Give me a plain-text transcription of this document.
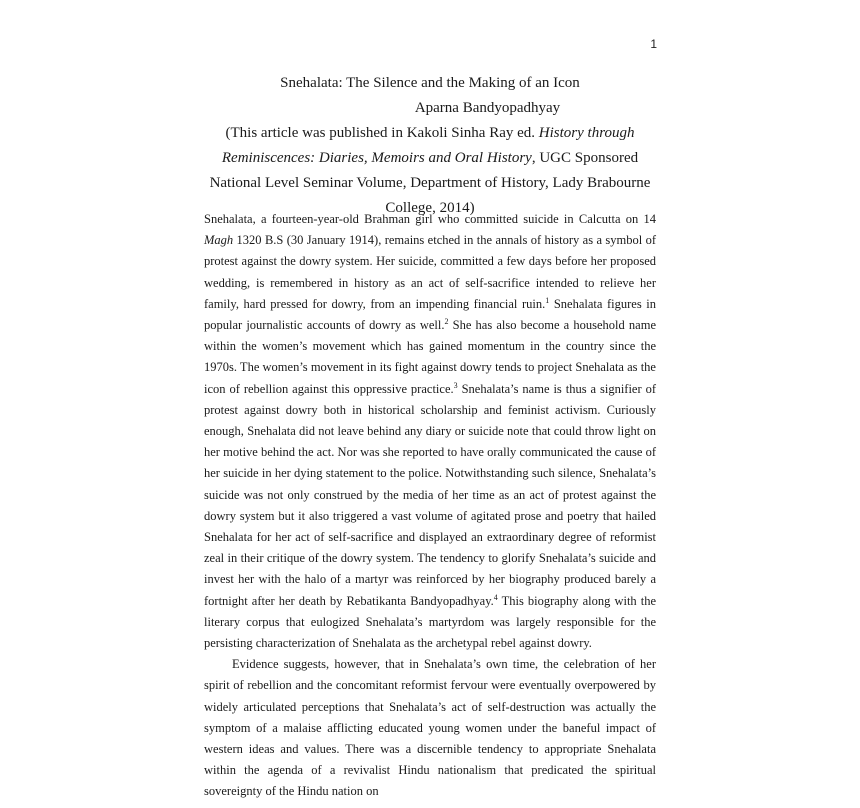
1
Snehalata: The Silence and the Making of an Icon
Aparna Bandyopadhyay
(This article was published in Kakoli Sinha Ray ed. History through Reminiscences: Diaries, Memoirs and Oral History, UGC Sponsored National Level Seminar Volume, Department of History, Lady Brabourne College, 2014)

Snehalata, a fourteen-year-old Brahman girl who committed suicide in Calcutta on 14 Magh 1320 B.S (30 January 1914), remains etched in the annals of history as a symbol of protest against the dowry system. Her suicide, committed a few days before her proposed wedding, is remembered in history as an act of self-sacrifice intended to relieve her family, hard pressed for dowry, from an impending financial ruin.$^1$ Snehalata figures in popular journalistic accounts of dowry as well.$^2$ She has also become a household name within the women’s movement which has gained momentum in the country since the 1970s. The women’s movement in its fight against dowry tends to project Snehalata as the icon of rebellion against this oppressive practice.$^3$ Snehalata’s name is thus a signifier of protest against dowry both in historical scholarship and feminist activism. Curiously enough, Snehalata did not leave behind any diary or suicide note that could throw light on her motive behind the act. Nor was she reported to have orally communicated the cause of her suicide in her dying statement to the police. Notwithstanding such silence, Snehalata’s suicide was not only construed by the media of her time as an act of protest against the dowry system but it also triggered a vast volume of agitated prose and poetry that hailed Snehalata for her act of self-sacrifice and displayed an extraordinary degree of reformist zeal in their critique of the dowry system. The tendency to glorify Snehalata’s suicide and invest her with the halo of a martyr was reinforced by her biography produced barely a fortnight after her death by Rebatikanta Bandyopadhyay.$^4$ This biography along with the literary corpus that eulogized Snehalata’s martyrdom was largely responsible for the persisting characterization of Snehalata as the archetypal rebel against dowry.

Evidence suggests, however, that in Snehalata’s own time, the celebration of her spirit of rebellion and the concomitant reformist fervour were eventually overpowered by widely articulated perceptions that Snehalata’s act of self-destruction was actually the symptom of a malaise afflicting educated young women under the baneful impact of western ideas and values. There was a discernible tendency to appropriate Snehalata within the agenda of a revivalist Hindu nationalism that predicated the spiritual sovereignty of the Hindu nation on
